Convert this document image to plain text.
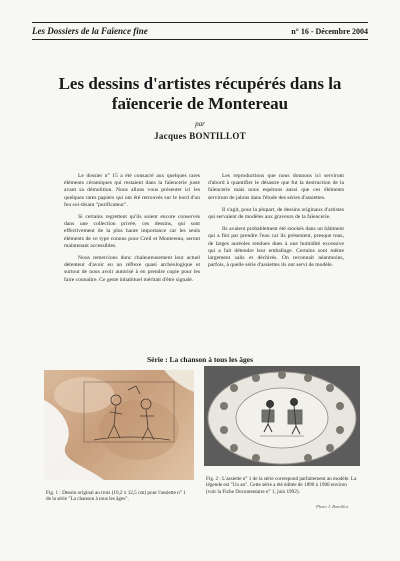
Les Dossiers de la Faïence fine	n° 16 - Décembre 2004
Les dessins d'artistes récupérés dans la faïencerie de Montereau
par
Jacques BONTILLOT

Le dossier n° 15 a été consacré aux quelques rares éléments céramiques qui restaient dans la faïencerie juste avant sa démolition. Nous allons vous présenter ici les quelques rares papiers qui ont été retrouvés sur le bord d'un feu soi-disant "purificateur".

Si certains regrettent qu'ils soient encore conservés dans une collection privée, ces dessins, qui sont effectivement de la plus haute importance car les seuls éléments de ce type connus pour Creil et Montereau, seront maintenant accessibles.

Nous remercions donc chaleureusement leur actuel détenteur d'avoir eu un réflexe quasi archéologique et surtout de nous avoir autorisé à en prendre copie pour les faire connaître. Ce geste inhabituel méritait d'être signalé.

Les reproductions que nous donnons ici serviront d'abord à quantifier le désastre que fut la destruction de la faïencerie mais nous espérons aussi que ces éléments serviront de jalons dans l'étude des séries d'assiettes.

Il s'agit, pour la plupart, de dessins originaux d'artistes qui servaient de modèles aux graveurs de la faïencerie.

Ils avaient probablement été stockés dans un bâtiment qui a fini par prendre l'eau car ils présentent, presque tous, de larges auréoles rendues dues à une humidité excessive qui a fait détendre leur emballage. Certains sont même largement salis et déchirés. On reconnaît néanmoins, parfois, à quelle série d'assiettes ils ont servi de modèle.

Série : La chanson à tous les âges

Fig. 1 : Dessin original au trois (10,2 x 12,5 cm) pour l'assiette n° 1 de la série "La chanson à tous les âges".

Fig. 2 : L'assiette n° 1 de la série correspond parfaitement au modèle. La légende est "Un an". Cette série a été éditée de 1890 à 1900 environ (voir la Fiche Documentaire n° 1, juin 1992).

Photo J. Bontillot
